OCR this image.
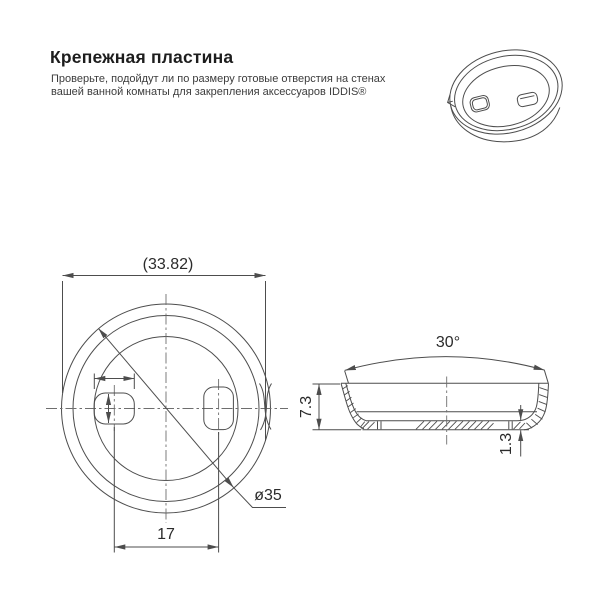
Крепежная пластина
Проверьте, подойдут ли по размеру готовые отверстия на стенах
вашей ванной комнаты для закрепления аксессуаров IDDIS®
(33.82)
17
ø35
30°
7.3
1.3
